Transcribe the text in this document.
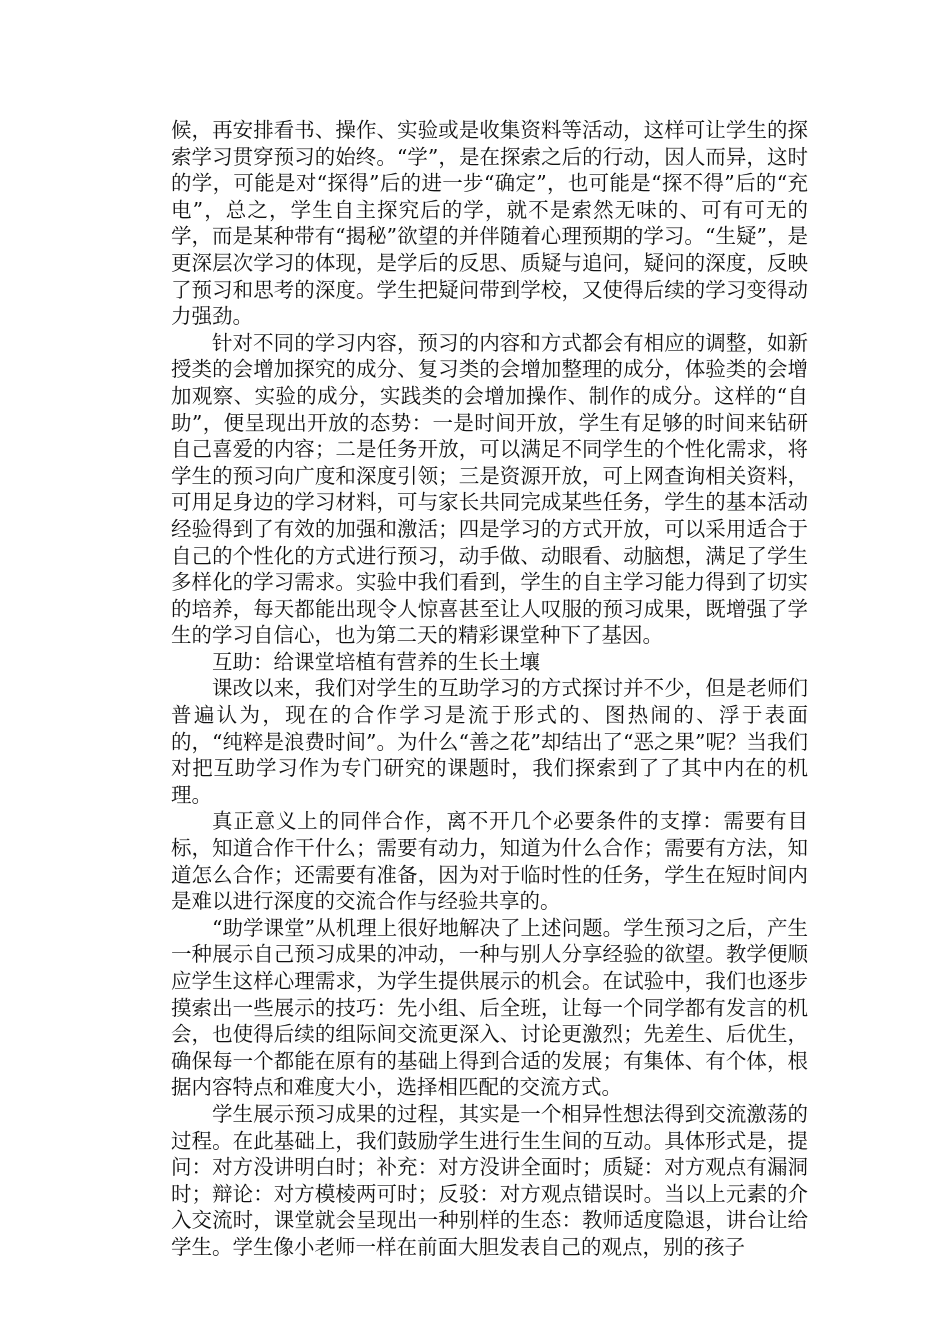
候，再安排看书、操作、实验或是收集资料等活动，这样可让学生的探索学习贯穿预习的始终。“学”，是在探索之后的行动，因人而异，这时的学，可能是对“探得”后的进一步“确定”，也可能是“探不得”后的“充电”，总之，学生自主探究后的学，就不是索然无味的、可有可无的学，而是某种带有“揭秘”欲望的并伴随着心理预期的学习。“生疑”，是更深层次学习的体现，是学后的反思、质疑与追问，疑问的深度，反映了预习和思考的深度。学生把疑问带到学校，又使得后续的学习变得动力强劲。

针对不同的学习内容，预习的内容和方式都会有相应的调整，如新授类的会增加探究的成分、复习类的会增加整理的成分，体验类的会增加观察、实验的成分，实践类的会增加操作、制作的成分。这样的“自助”，便呈现出开放的态势：一是时间开放，学生有足够的时间来钻研自己喜爱的内容；二是任务开放，可以满足不同学生的个性化需求，将学生的预习向广度和深度引领；三是资源开放，可上网查询相关资料，可用足身边的学习材料，可与家长共同完成某些任务，学生的基本活动经验得到了有效的加强和激活；四是学习的方式开放，可以采用适合于自己的个性化的方式进行预习，动手做、动眼看、动脑想，满足了学生多样化的学习需求。实验中我们看到，学生的自主学习能力得到了切实的培养，每天都能出现令人惊喜甚至让人叹服的预习成果，既增强了学生的学习自信心，也为第二天的精彩课堂种下了基因。

互助：给课堂培植有营养的生长土壤

课改以来，我们对学生的互助学习的方式探讨并不少，但是老师们普遍认为，现在的合作学习是流于形式的、图热闹的、浮于表面的，“纯粹是浪费时间”。为什么“善之花”却结出了“恶之果”呢？当我们对把互助学习作为专门研究的课题时，我们探索到了了其中内在的机理。

真正意义上的同伴合作，离不开几个必要条件的支撑：需要有目标，知道合作干什么；需要有动力，知道为什么合作；需要有方法，知道怎么合作；还需要有准备，因为对于临时性的任务，学生在短时间内是难以进行深度的交流合作与经验共享的。

“助学课堂”从机理上很好地解决了上述问题。学生预习之后，产生一种展示自己预习成果的冲动，一种与别人分享经验的欲望。教学便顺应学生这样心理需求，为学生提供展示的机会。在试验中，我们也逐步摸索出一些展示的技巧：先小组、后全班，让每一个同学都有发言的机会，也使得后续的组际间交流更深入、讨论更激烈；先差生、后优生，确保每一个都能在原有的基础上得到合适的发展；有集体、有个体，根据内容特点和难度大小，选择相匹配的交流方式。

学生展示预习成果的过程，其实是一个相异性想法得到交流激荡的过程。在此基础上，我们鼓励学生进行生生间的互动。具体形式是，提问：对方没讲明白时；补充：对方没讲全面时；质疑：对方观点有漏洞时；辩论：对方模棱两可时；反驳：对方观点错误时。当以上元素的介入交流时，课堂就会呈现出一种别样的生态：教师适度隐退，讲台让给学生。学生像小老师一样在前面大胆发表自己的观点，别的孩子
